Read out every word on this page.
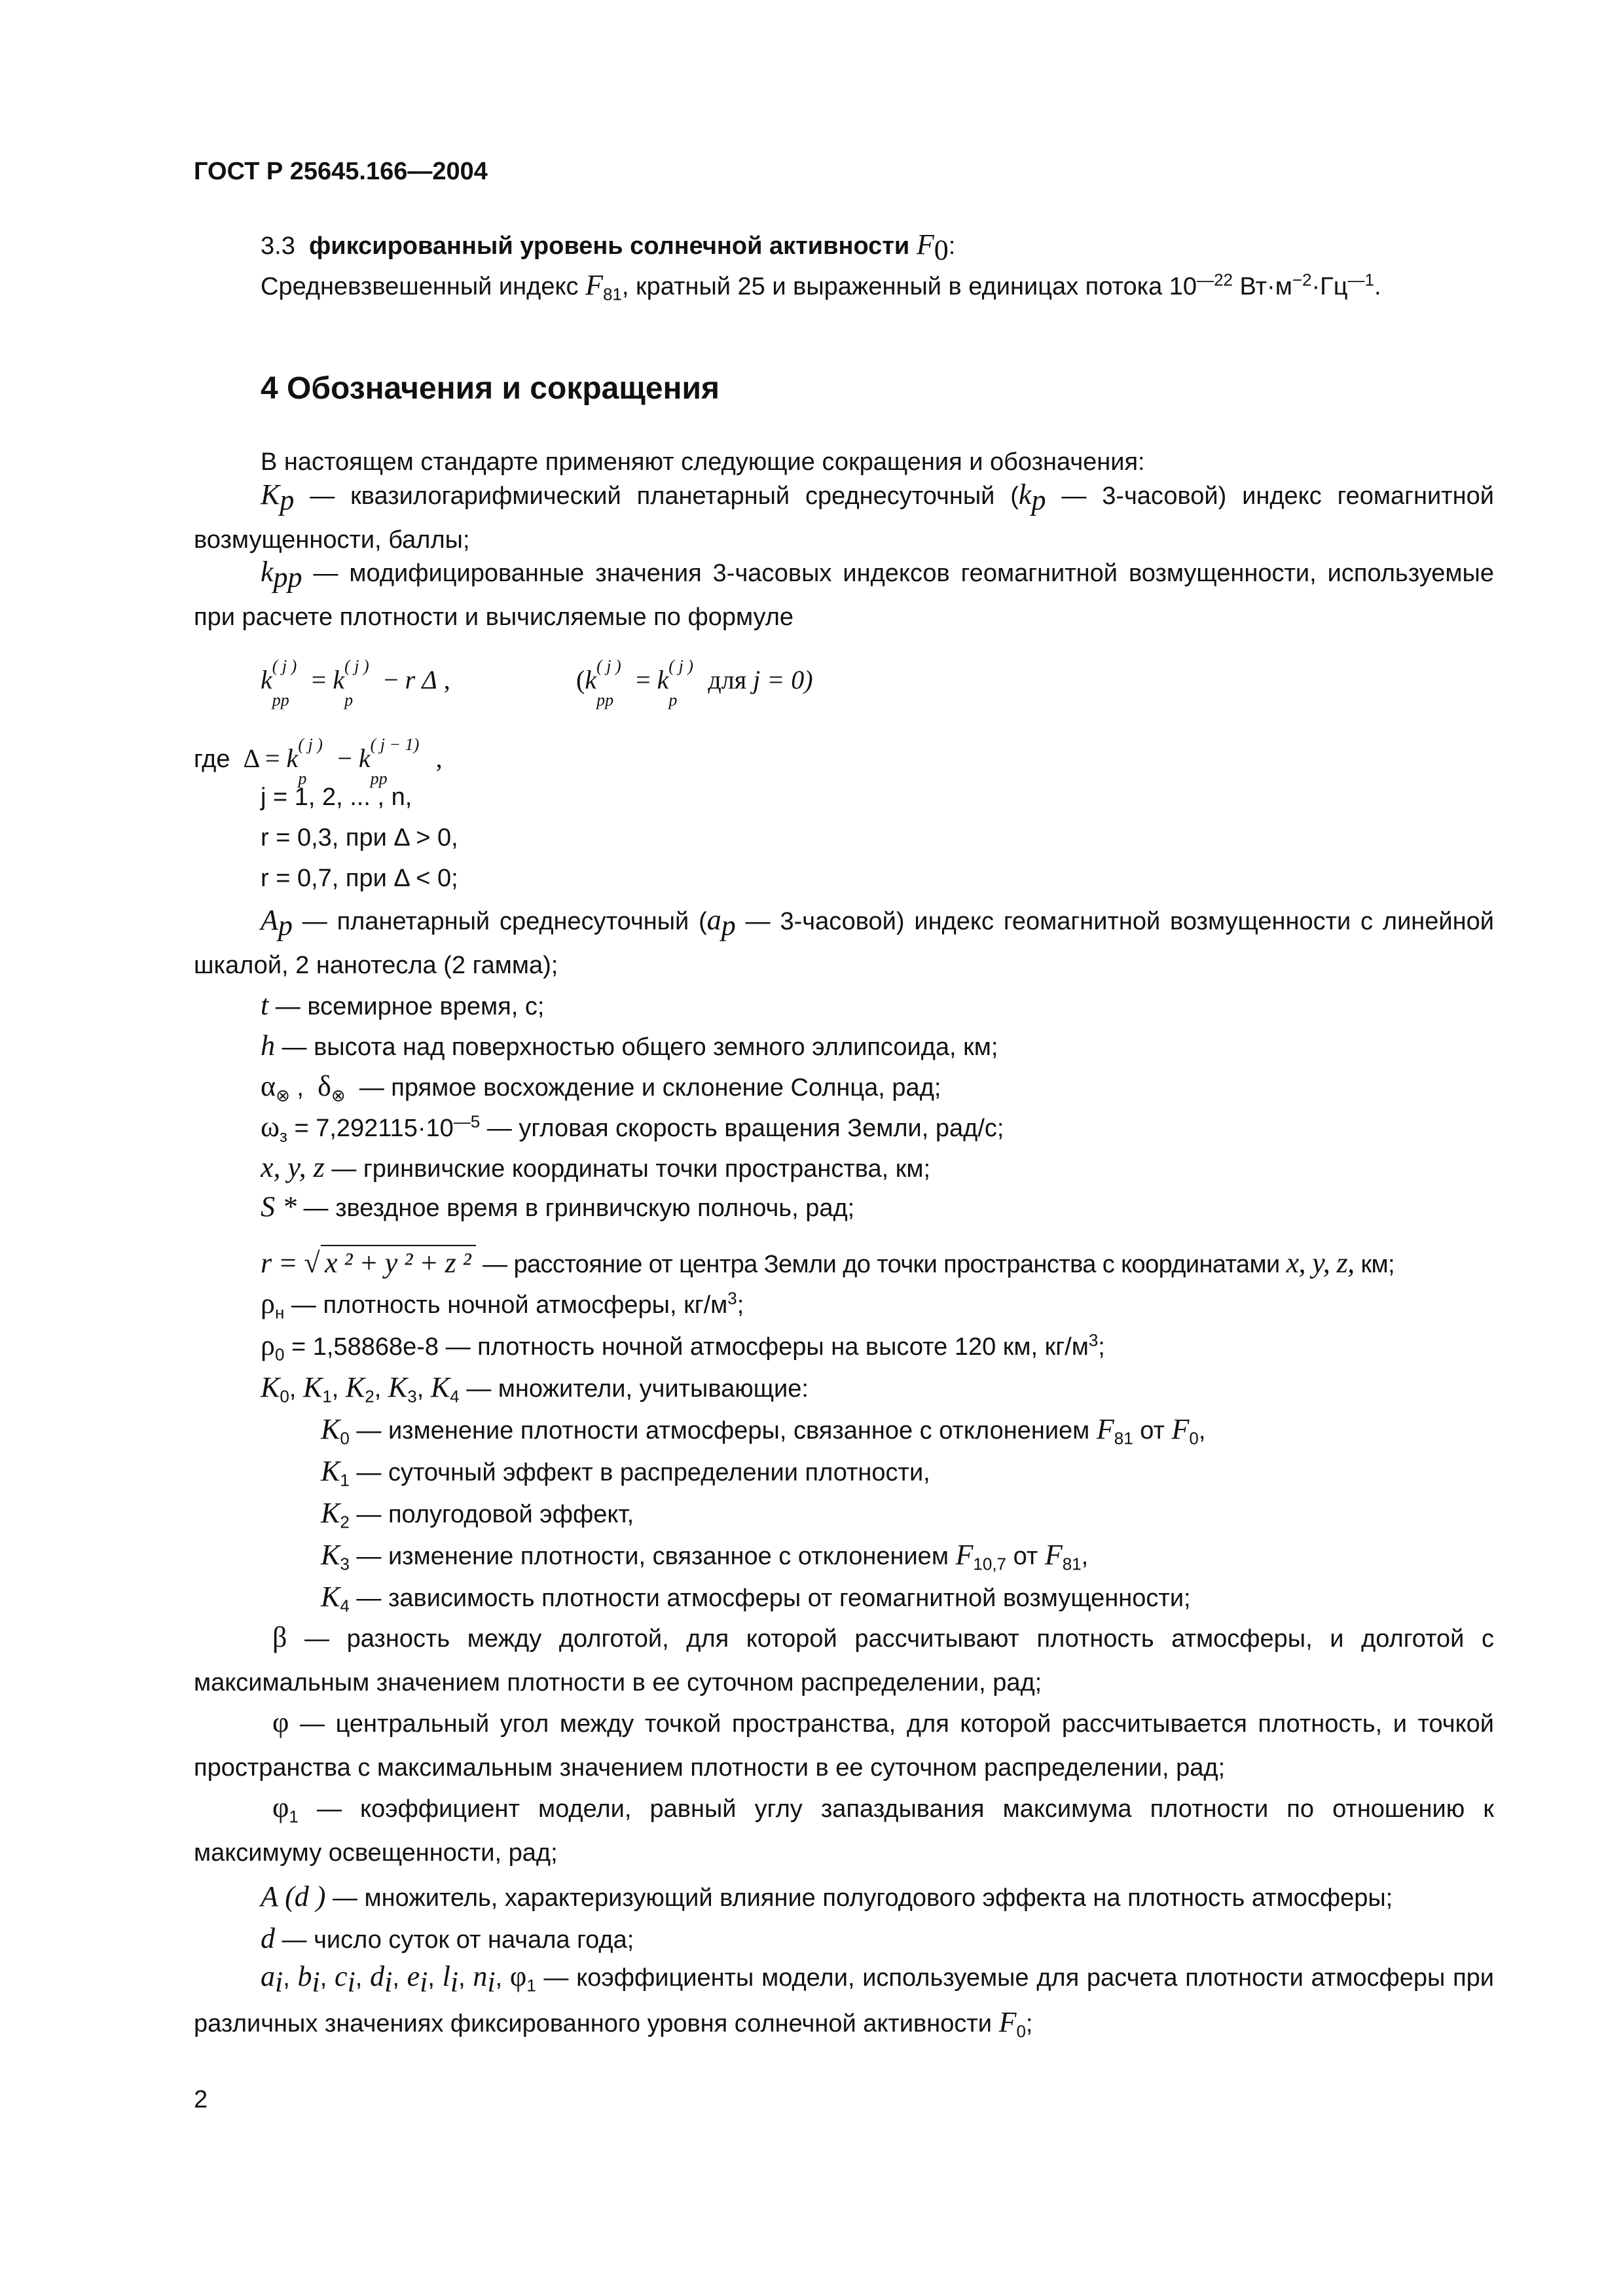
ГОСТ Р 25645.166—2004
3.3 фиксированный уровень солнечной активности $F_0$:
Средневзвешенный индекс $F_{81}$, кратный 25 и выраженный в единицах потока $10^{—22}$ $Вт\cdot м^{-2}\cdot Гц^{—1}$.
4 Обозначения и сокращения
В настоящем стандарте применяют следующие сокращения и обозначения:
$K_p$ — квазилогарифмический планетарный среднесуточный ($k_p$ — 3-часовой) индекс геомагнитной возмущенности, баллы;
$k_{pp}$ — модифицированные значения 3-часовых индексов геомагнитной возмущенности, используемые при расчете плотности и вычисляемые по формуле
k ( j )
pp
= k ( j )
p
− r Δ ,	(k ( j )
pp
= k ( j )
p
для j = 0)
где Δ = k ( j )
p
− k ( j − 1)
pp
,
j = 1, 2, ... , n,
r = 0,3, при Δ > 0,
r = 0,7, при Δ < 0;
$A_p$ — планетарный среднесуточный ($a_p$ — 3-часовой) индекс геомагнитной возмущенности с линейной шкалой, 2 нанотесла (2 гамма);
t — всемирное время, с;
h — высота над поверхностью общего земного эллипсоида, км;
$\alpha_\otimes$ ,  $\delta_\otimes$  — прямое восхождение и склонение Солнца, рад;
$\omega_з = 7,292115\cdot 10^{—5}$ — угловая скорость вращения Земли, рад/с;
x, y, z — гринвичские координаты точки пространства, км;
S * — звездное время в гринвичскую полночь, рад;
r = √ x ² + y ² + z ² — расстояние от центра Земли до точки пространства с координатами x, y, z, км;
$\rho_н$ — плотность ночной атмосферы, $кг/м^3$;
$\rho_0 = 1,58868е-8$ — плотность ночной атмосферы на высоте 120 км, $кг/м^3$;
$K_0$, $K_1$, $K_2$, $K_3$, $K_4$ — множители, учитывающие:
$K_0$ — изменение плотности атмосферы, связанное с отклонением $F_{81}$ от $F_0$,
$K_1$ — суточный эффект в распределении плотности,
$K_2$ — полугодовой эффект,
$K_3$ — изменение плотности, связанное с отклонением $F_{10,7}$ от $F_{81}$,
$K_4$ — зависимость плотности атмосферы от геомагнитной возмущенности;
β — разность между долготой, для которой рассчитывают плотность атмосферы, и долготой с максимальным значением плотности в ее суточном распределении, рад;
φ — центральный угол между точкой пространства, для которой рассчитывается плотность, и точкой пространства с максимальным значением плотности в ее суточном распределении, рад;
$\varphi_1$ — коэффициент модели, равный углу запаздывания максимума плотности по отношению к максимуму освещенности, рад;
A (d ) — множитель, характеризующий влияние полугодового эффекта на плотность атмосферы;
d — число суток от начала года;
$a_i$, $b_i$, $c_i$, $d_i$, $e_i$, $l_i$, $n_i$, $\varphi_1$ — коэффициенты модели, используемые для расчета плотности атмосферы при различных значениях фиксированного уровня солнечной активности $F_0$;
2
